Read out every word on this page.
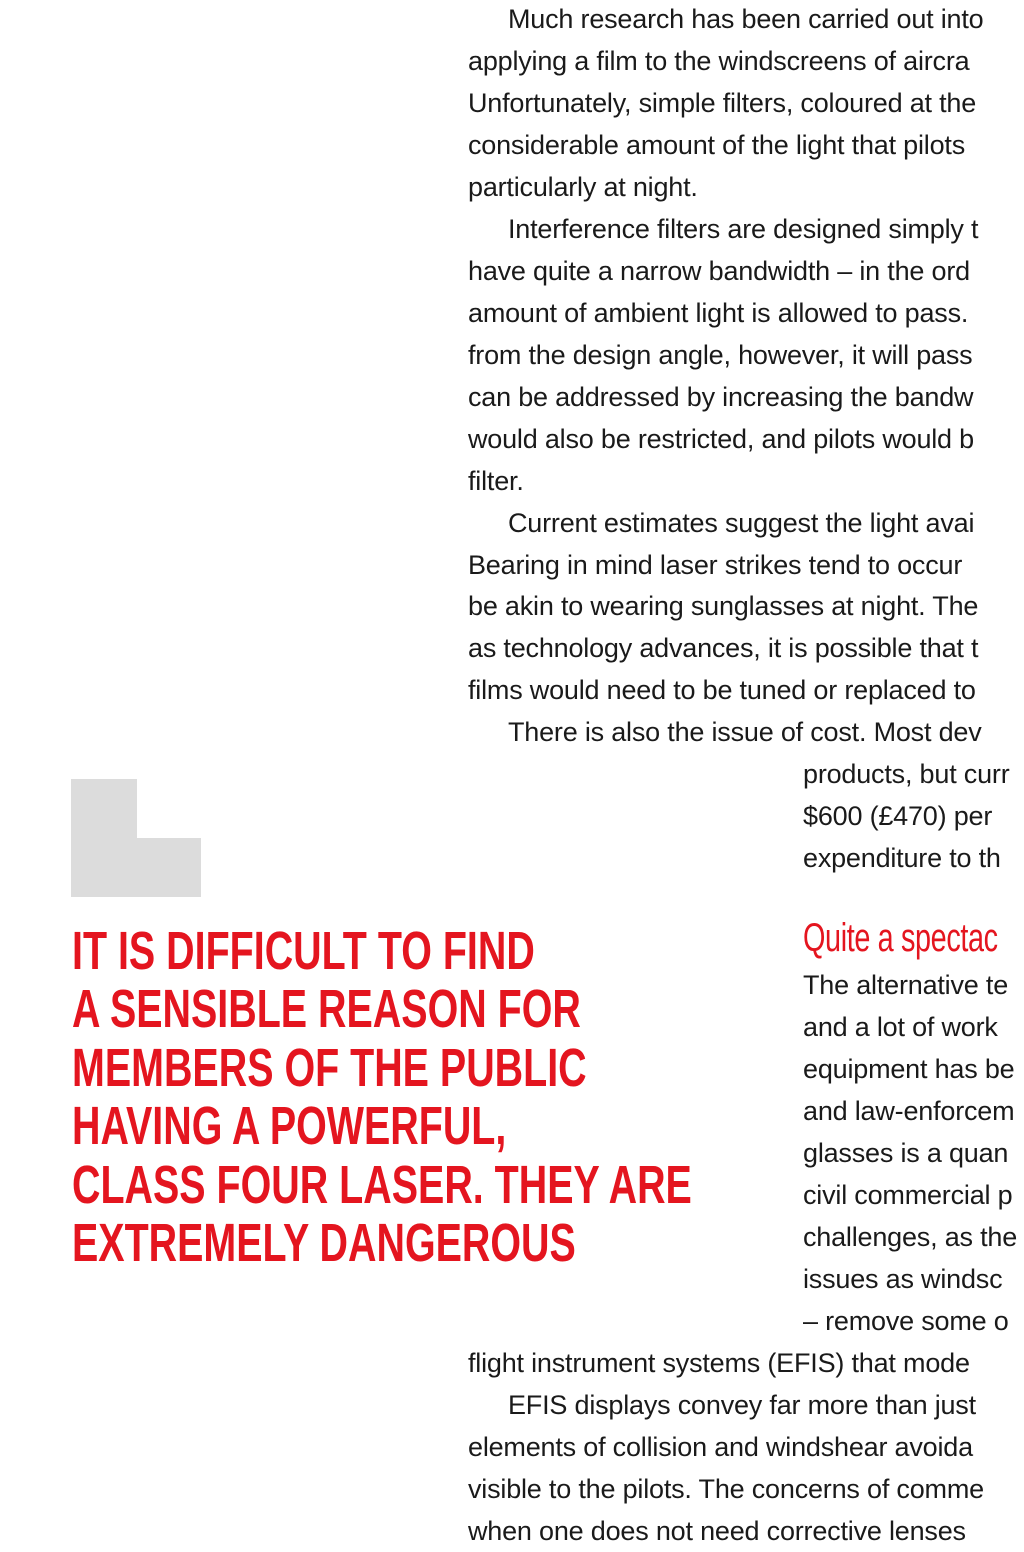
Much research has been carried out into
applying a film to the windscreens of aircra
Unfortunately, simple filters, coloured at the
considerable amount of the light that pilots
particularly at night.
Interference filters are designed simply t
have quite a narrow bandwidth – in the ord
amount of ambient light is allowed to pass.
from the design angle, however, it will pass
can be addressed by increasing the bandw
would also be restricted, and pilots would b
filter.
Current estimates suggest the light avai
Bearing in mind laser strikes tend to occur
be akin to wearing sunglasses at night. The
as technology advances, it is possible that t
films would need to be tuned or replaced to
There is also the issue of cost. Most dev
products, but curr
$600 (£470) per
expenditure to th
Quite a spectac
The alternative te
and a lot of work
equipment has be
and law-enforcem
glasses is a quan
civil commercial p
challenges, as the
issues as windsc
– remove some o
flight instrument systems (EFIS) that mode
EFIS displays convey far more than just
elements of collision and windshear avoida
visible to the pilots. The concerns of comme
when one does not need corrective lenses
IT IS DIFFICULT TO FIND
A SENSIBLE REASON FOR
MEMBERS OF THE PUBLIC
HAVING A POWERFUL,
CLASS FOUR LASER. THEY ARE
EXTREMELY DANGEROUS
